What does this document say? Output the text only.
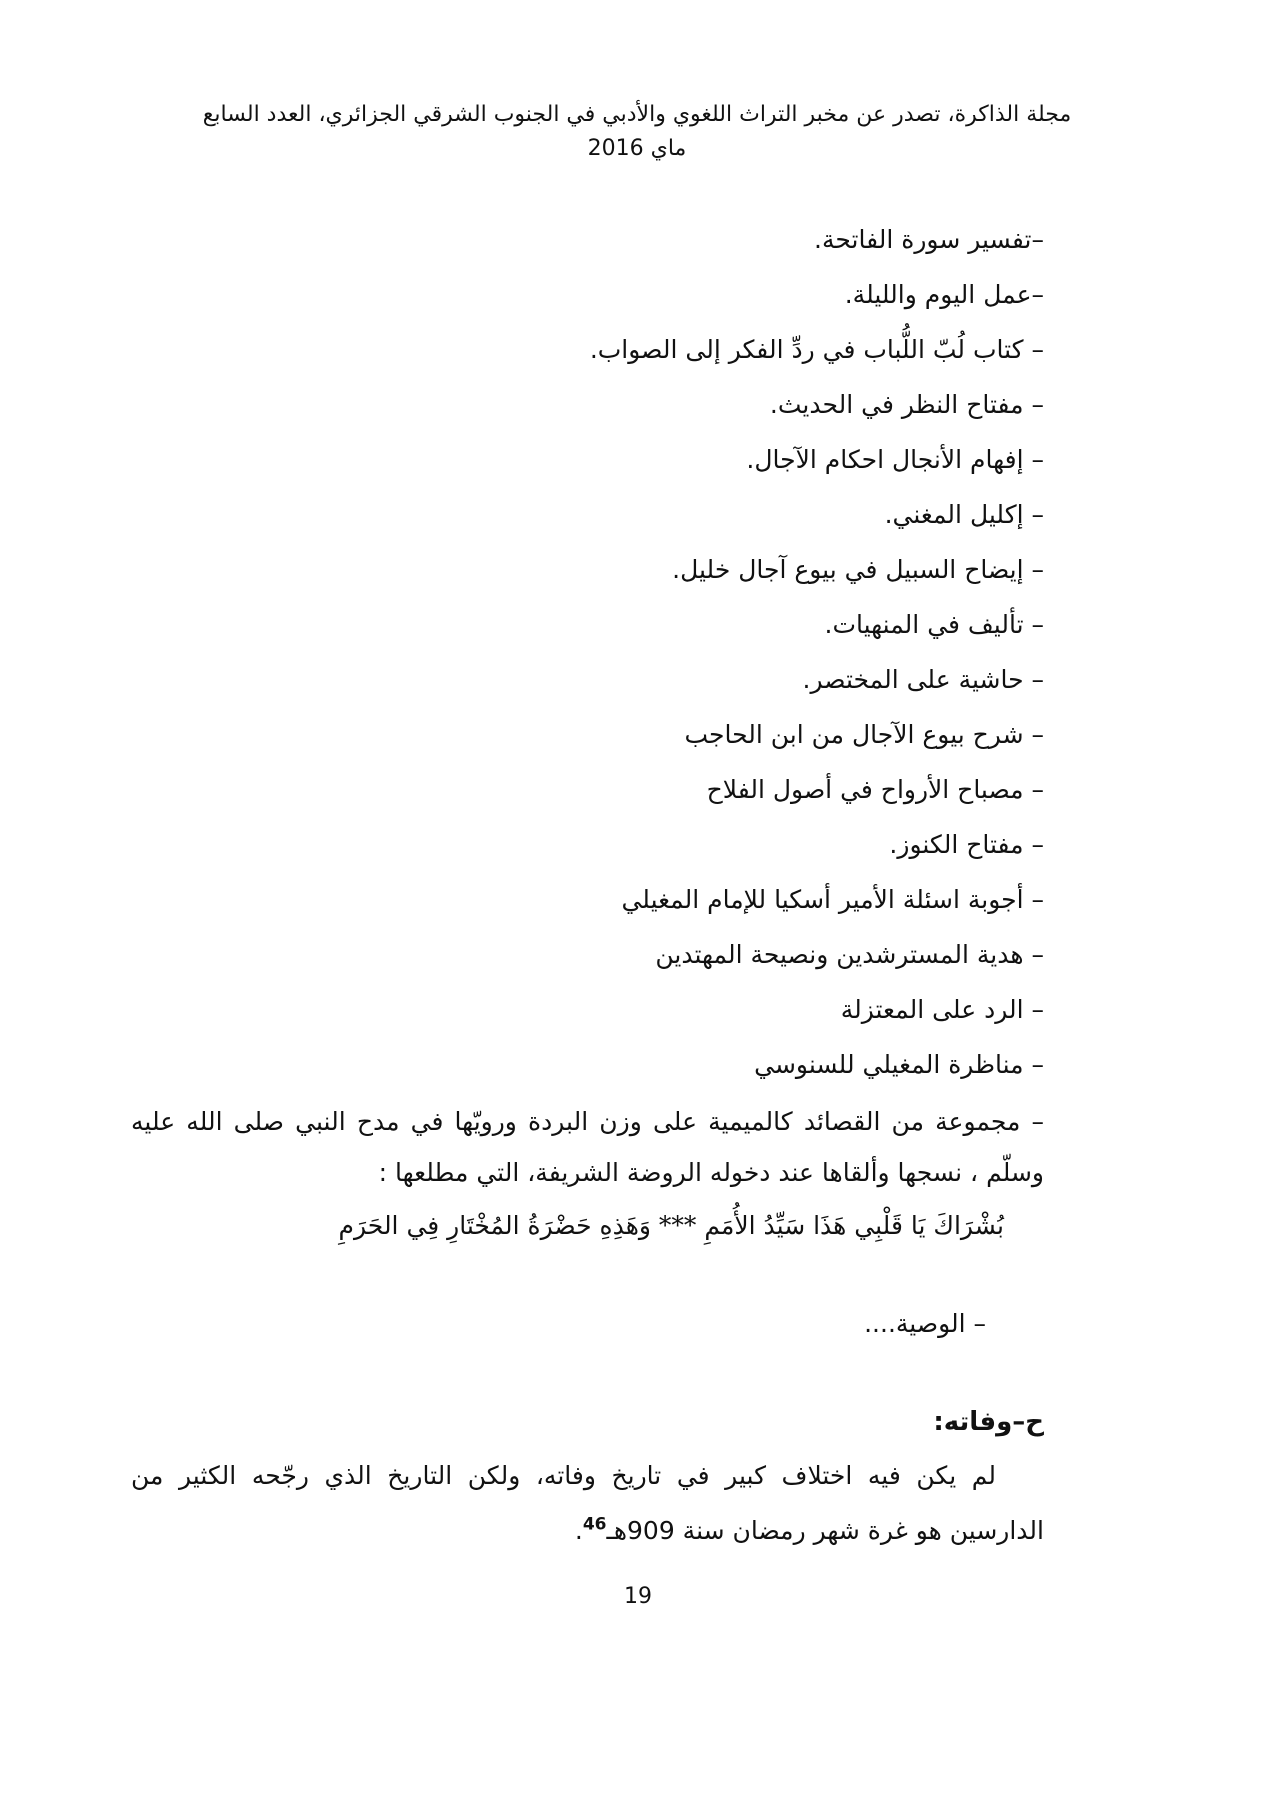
مجلة الذاكرة، تصدر عن مخبر التراث اللغوي والأدبي في الجنوب الشرقي الجزائري، العدد السابع
ماي 2016
–تفسير سورة الفاتحة.
–عمل اليوم والليلة.
– كتاب لُبّ اللُّباب في ردِّ الفكر إلى الصواب.
– مفتاح النظر في الحديث.
– إفهام الأنجال احكام الآجال.
– إكليل المغني.
– إيضاح السبيل في بيوع آجال خليل.
– تأليف في المنهيات.
– حاشية على المختصر.
– شرح بيوع الآجال من ابن الحاجب
– مصباح الأرواح في أصول الفلاح
– مفتاح الكنوز.
– أجوبة اسئلة الأمير أسكيا للإمام المغيلي
– هدية المسترشدين ونصيحة المهتدين
– الرد على المعتزلة
– مناظرة المغيلي للسنوسي
– مجموعة من القصائد كالميمية على وزن البردة ورويّها في مدح النبي صلى الله عليه وسلّم ، نسجها وألقاها عند دخوله الروضة الشريفة، التي مطلعها :
بُشْرَاكَ يَا قَلْبِي هَذَا سَيِّدُ الأُمَمِ *** وَهَذِهِ حَضْرَةُ المُخْتَارِ فِي الحَرَمِ
– الوصية....
ح–وفاته:
لم يكن فيه اختلاف كبير في تاريخ وفاته، ولكن التاريخ الذي رجّحه الكثير من الدارسين هو غرة شهر رمضان سنة 909هـ$^{46}$.
19
